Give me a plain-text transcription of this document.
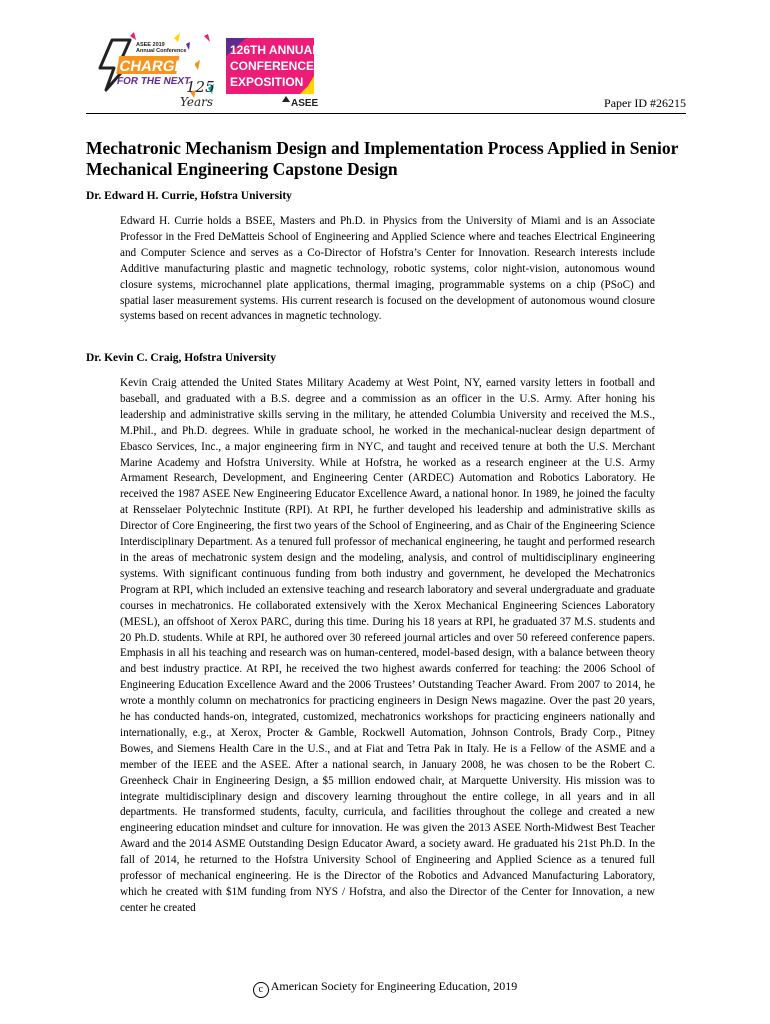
ASEE 2019
Annual Conference
CHARGED UP
FOR THE NEXT
125
Years
126TH ANNUAL
CONFERENCE &
EXPOSITION
ASEE	Paper ID #26215
Mechatronic Mechanism Design and Implementation Process Applied in Senior Mechanical Engineering Capstone Design
Dr. Edward H. Currie, Hofstra University

Edward H. Currie holds a BSEE, Masters and Ph.D. in Physics from the University of Miami and is an Associate Professor in the Fred DeMatteis School of Engineering and Applied Science where and teaches Electrical Engineering and Computer Science and serves as a Co-Director of Hofstra’s Center for Innovation. Research interests include Additive manufacturing plastic and magnetic technology, robotic systems, color night-vision, autonomous wound closure systems, microchannel plate applications, thermal imaging, programmable systems on a chip (PSoC) and spatial laser measurement systems. His current research is focused on the development of autonomous wound closure systems based on recent advances in magnetic technology.

Dr. Kevin C. Craig, Hofstra University

Kevin Craig attended the United States Military Academy at West Point, NY, earned varsity letters in football and baseball, and graduated with a B.S. degree and a commission as an officer in the U.S. Army. After honing his leadership and administrative skills serving in the military, he attended Columbia University and received the M.S., M.Phil., and Ph.D. degrees. While in graduate school, he worked in the mechanical-nuclear design department of Ebasco Services, Inc., a major engineering firm in NYC, and taught and received tenure at both the U.S. Merchant Marine Academy and Hofstra University. While at Hofstra, he worked as a research engineer at the U.S. Army Armament Research, Development, and Engineering Center (ARDEC) Automation and Robotics Laboratory. He received the 1987 ASEE New Engineering Educator Excellence Award, a national honor. In 1989, he joined the faculty at Rensselaer Polytechnic Institute (RPI). At RPI, he further developed his leadership and administrative skills as Director of Core Engineering, the first two years of the School of Engineering, and as Chair of the Engineering Science Interdisciplinary Department. As a tenured full professor of mechanical engineering, he taught and performed research in the areas of mechatronic system design and the modeling, analysis, and control of multidisciplinary engineering systems. With significant continuous funding from both industry and government, he developed the Mechatronics Program at RPI, which included an extensive teaching and research laboratory and several undergraduate and graduate courses in mechatronics. He collaborated extensively with the Xerox Mechanical Engineering Sciences Laboratory (MESL), an offshoot of Xerox PARC, during this time. During his 18 years at RPI, he graduated 37 M.S. students and 20 Ph.D. students. While at RPI, he authored over 30 refereed journal articles and over 50 refereed conference papers. Emphasis in all his teaching and research was on human-centered, model-based design, with a balance between theory and best industry practice. At RPI, he received the two highest awards conferred for teaching: the 2006 School of Engineering Education Excellence Award and the 2006 Trustees’ Outstanding Teacher Award. From 2007 to 2014, he wrote a monthly column on mechatronics for practicing engineers in Design News magazine. Over the past 20 years, he has conducted hands-on, integrated, customized, mechatronics workshops for practicing engineers nationally and internationally, e.g., at Xerox, Procter & Gamble, Rockwell Automation, Johnson Controls, Brady Corp., Pitney Bowes, and Siemens Health Care in the U.S., and at Fiat and Tetra Pak in Italy. He is a Fellow of the ASME and a member of the IEEE and the ASEE. After a national search, in January 2008, he was chosen to be the Robert C. Greenheck Chair in Engineering Design, a $5 million endowed chair, at Marquette University. His mission was to integrate multidisciplinary design and discovery learning throughout the entire college, in all years and in all departments. He transformed students, faculty, curricula, and facilities throughout the college and created a new engineering education mindset and culture for innovation. He was given the 2013 ASEE North-Midwest Best Teacher Award and the 2014 ASME Outstanding Design Educator Award, a society award. He graduated his 21st Ph.D. In the fall of 2014, he returned to the Hofstra University School of Engineering and Applied Science as a tenured full professor of mechanical engineering. He is the Director of the Robotics and Advanced Manufacturing Laboratory, which he created with $1M funding from NYS / Hofstra, and also the Director of the Center for Innovation, a new center he created

c American Society for Engineering Education, 2019
